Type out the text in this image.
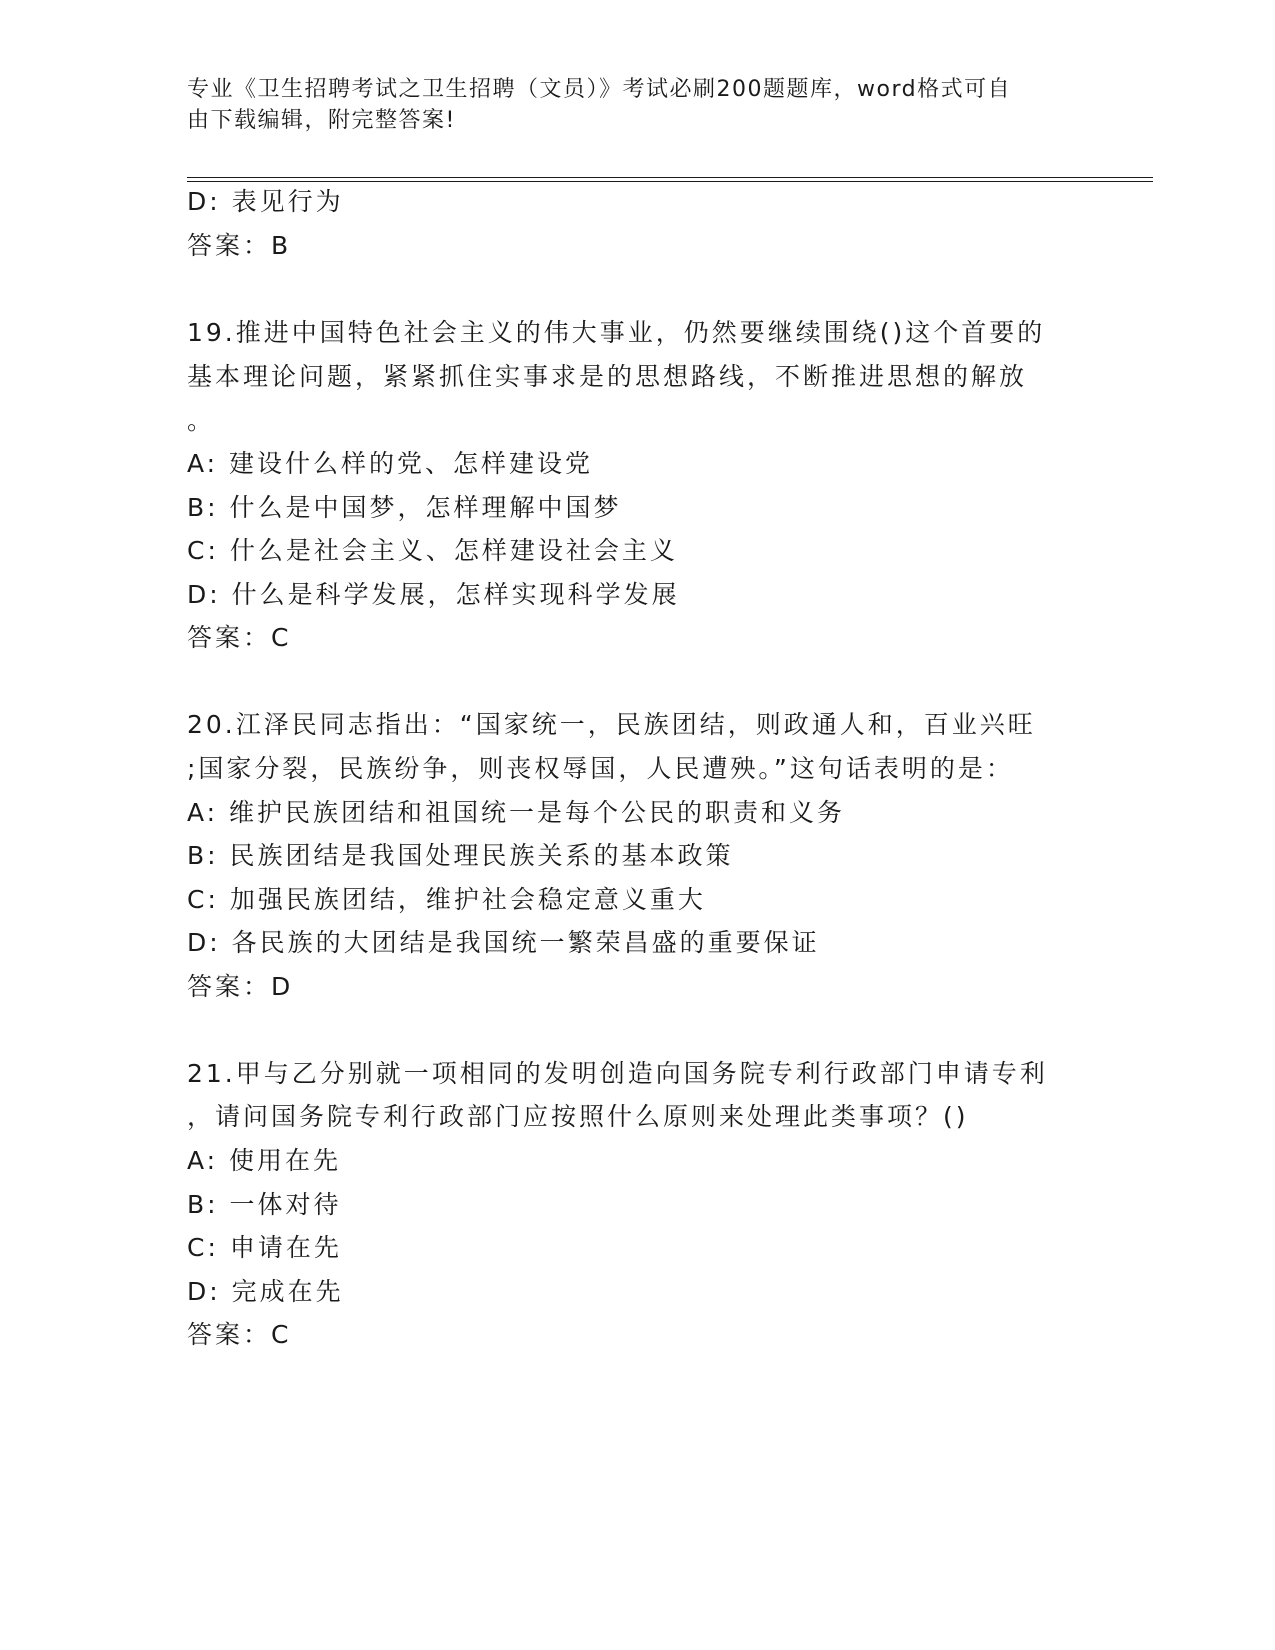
专业《卫生招聘考试之卫生招聘（文员）》考试必刷200题题库，word格式可自
由下载编辑，附完整答案!
D: 表见行为
答案：B
19.推进中国特色社会主义的伟大事业，仍然要继续围绕()这个首要的
基本理论问题，紧紧抓住实事求是的思想路线，不断推进思想的解放
。
A: 建设什么样的党、怎样建设党
B: 什么是中国梦，怎样理解中国梦
C: 什么是社会主义、怎样建设社会主义
D: 什么是科学发展，怎样实现科学发展
答案：C
20.江泽民同志指出：“国家统一，民族团结，则政通人和，百业兴旺
;国家分裂，民族纷争，则丧权辱国，人民遭殃。”这句话表明的是：
A: 维护民族团结和祖国统一是每个公民的职责和义务
B: 民族团结是我国处理民族关系的基本政策
C: 加强民族团结，维护社会稳定意义重大
D: 各民族的大团结是我国统一繁荣昌盛的重要保证
答案：D
21.甲与乙分别就一项相同的发明创造向国务院专利行政部门申请专利
，请问国务院专利行政部门应按照什么原则来处理此类事项？()
A: 使用在先
B: 一体对待
C: 申请在先
D: 完成在先
答案：C
